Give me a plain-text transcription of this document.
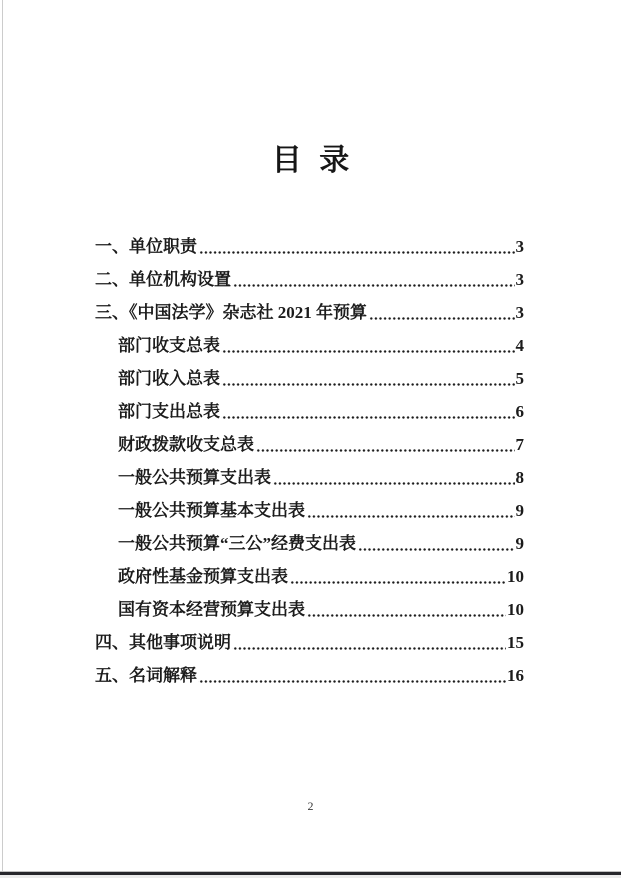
目 录
一、单位职责	3
二、单位机构设置	3
三、《中国法学》杂志社 2021 年预算	3
部门收支总表	4
部门收入总表	5
部门支出总表	6
财政拨款收支总表	7
一般公共预算支出表	8
一般公共预算基本支出表	9
一般公共预算“三公”经费支出表	9
政府性基金预算支出表	10
国有资本经营预算支出表	10
四、其他事项说明	15
五、名词解释	16
2
